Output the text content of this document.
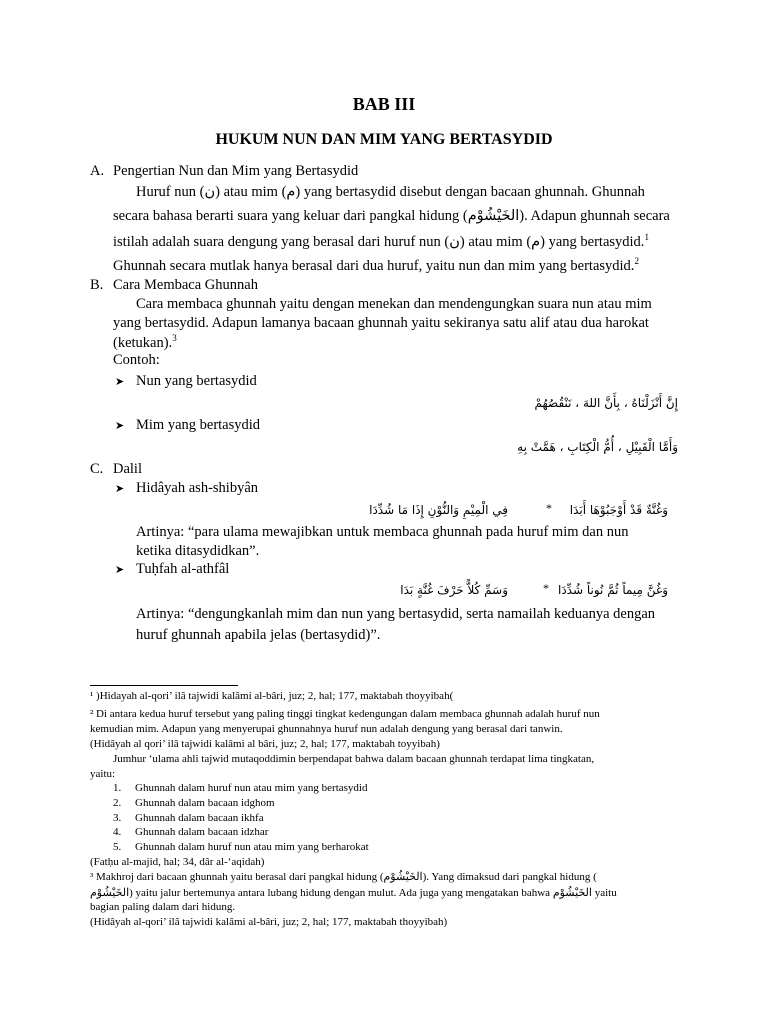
BAB III
HUKUM NUN DAN MIM YANG BERTASYDID
A. Pengertian Nun dan Mim yang Bertasydid
Huruf nun (ن) atau mim (م) yang bertasydid disebut dengan bacaan ghunnah. Ghunnah
secara bahasa berarti suara yang keluar dari pangkal hidung (الخَيْشُوْم). Adapun ghunnah secara
istilah adalah suara dengung yang berasal dari huruf nun (ن) atau mim (م) yang bertasydid.$^1$
Ghunnah secara mutlak hanya berasal dari dua huruf, yaitu nun dan mim yang bertasydid.$^2$
B. Cara Membaca Ghunnah
Cara membaca ghunnah yaitu dengan menekan dan mendengungkan suara nun atau mim
yang bertasydid. Adapun lamanya bacaan ghunnah yaitu sekiranya satu alif atau dua harokat
(ketukan).$^3$
Contoh:
➤ Nun yang bertasydid
إِنَّ أَنْزَلْنَاهُ ، بِأَنَّ اللهَ ، نَنْقُصُهُمْ
➤ Mim yang bertasydid
وَأَمَّا الْقَبِيْلِ ، أُمُّ الْكِتَابِ ، هَمَّتْ بِهِ
C. Dalil
➤ Hidâyah ash-shibyân
وَغُنَّةٌ قَدْ أَوْجَبُوْهَا أَبَدَا
*
فِي الْمِيْمِ وَالنُّوْنِ إِذَا مَا شُدِّدَا
Artinya: “para ulama mewajibkan untuk membaca ghunnah pada huruf mim dan nun
ketika ditasydidkan”.
➤ Tuḥfah al-athfâl
وَغُنَّ مِيماً ثُمَّ نُوناً شُدِّدَا
*
وَسَمِّ كُلاًّ حَرْفَ غُنَّةٍ بَدَا
Artinya: “dengungkanlah mim dan nun yang bertasydid, serta namailah keduanya dengan
huruf ghunnah apabila jelas (bertasydid)”.
¹ )Hidayah al-qori’ ilâ tajwidi kalâmi al-bâri, juz; 2, hal; 177, maktabah thoyyibah(
² Di antara kedua huruf tersebut yang paling tinggi tingkat kedengungan dalam membaca ghunnah adalah huruf nun
kemudian mim. Adapun yang menyerupai ghunnahnya huruf nun adalah dengung yang berasal dari tanwin.
(Hidâyah al qori’ ilâ tajwidi kalâmi al bâri, juz; 2, hal; 177, maktabah toyyibah)
Jumhur ‘ulama ahli tajwid mutaqoddimin berpendapat bahwa dalam bacaan ghunnah terdapat lima tingkatan,
yaitu:
1. Ghunnah dalam huruf nun atau mim yang bertasydid
2. Ghunnah dalam bacaan idghom
3. Ghunnah dalam bacaan ikhfa
4. Ghunnah dalam bacaan idzhar
5. Ghunnah dalam huruf nun atau mim yang berharokat
(Fatḥu al-majid, hal; 34, dâr al-‘aqidah)
³ Makhroj dari bacaan ghunnah yaitu berasal dari pangkal hidung (الخَيْشُوْم). Yang dimaksud dari pangkal hidung (
الخَيْشُوْم) yaitu jalur bertemunya antara lubang hidung dengan mulut. Ada juga yang mengatakan bahwa الخَيْشُوْم yaitu
bagian paling dalam dari hidung.
(Hidâyah al-qori’ ilâ tajwidi kalâmi al-bâri, juz; 2, hal; 177, maktabah thoyyibah)
